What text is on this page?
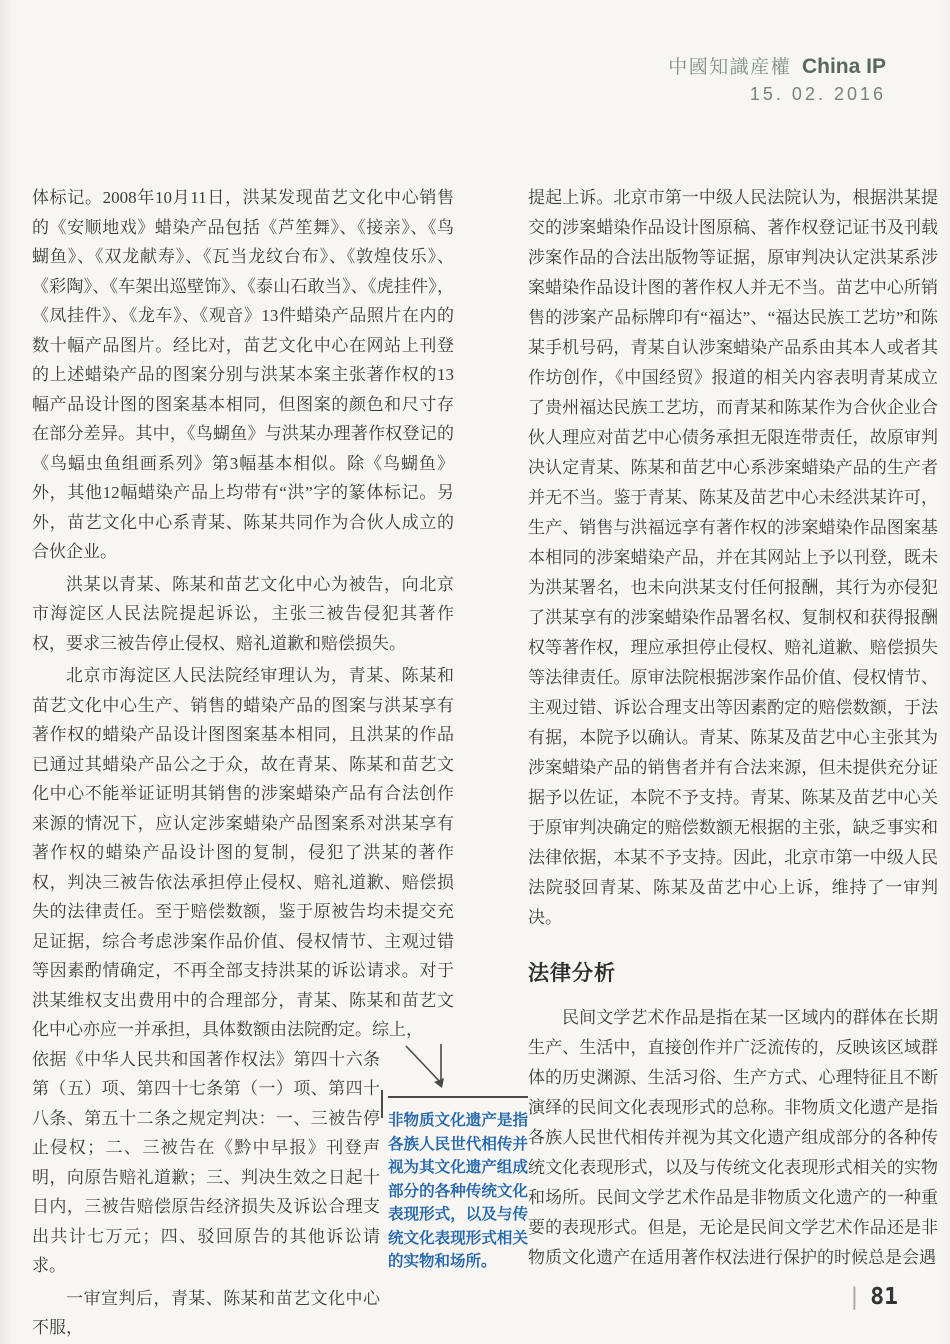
中國知識産權 China IP
15. 02. 2016

体标记。2008年10月11日，洪某发现苗艺文化中心销售的《安顺地戏》蜡染产品包括《芦笙舞》、《接亲》、《鸟蝴鱼》、《双龙献寿》、《瓦当龙纹台布》、《敦煌伎乐》、《彩陶》、《车架出巡壁饰》、《泰山石敢当》、《虎挂件》，《凤挂件》、《龙车》、《观音》13件蜡染产品照片在内的数十幅产品图片。经比对，苗艺文化中心在网站上刊登的上述蜡染产品的图案分别与洪某本案主张著作权的13幅产品设计图的图案基本相同，但图案的颜色和尺寸存在部分差异。其中，《鸟蝴鱼》与洪某办理著作权登记的《鸟蝠虫鱼组画系列》第3幅基本相似。除《鸟蝴鱼》外，其他12幅蜡染产品上均带有“洪”字的篆体标记。另外，苗艺文化中心系青某、陈某共同作为合伙人成立的合伙企业。

洪某以青某、陈某和苗艺文化中心为被告，向北京市海淀区人民法院提起诉讼，主张三被告侵犯其著作权，要求三被告停止侵权、赔礼道歉和赔偿损失。

北京市海淀区人民法院经审理认为，青某、陈某和苗艺文化中心生产、销售的蜡染产品的图案与洪某享有著作权的蜡染产品设计图图案基本相同，且洪某的作品已通过其蜡染产品公之于众，故在青某、陈某和苗艺文化中心不能举证证明其销售的涉案蜡染产品有合法创作来源的情况下，应认定涉案蜡染产品图案系对洪某享有著作权的蜡染产品设计图的复制，侵犯了洪某的著作权，判决三被告依法承担停止侵权、赔礼道歉、赔偿损失的法律责任。至于赔偿数额，鉴于原被告均未提交充足证据，综合考虑涉案作品价值、侵权情节、主观过错等因素酌情确定，不再全部支持洪某的诉讼请求。对于洪某维权支出费用中的合理部分，青某、陈某和苗艺文化中心亦应一并承担，具体数额由法院酌定。综上，

依据《中华人民共和国著作权法》第四十六条第（五）项、第四十七条第（一）项、第四十八条、第五十二条之规定判决：一、三被告停止侵权；二、三被告在《黔中早报》刊登声明，向原告赔礼道歉；三、判决生效之日起十日内，三被告赔偿原告经济损失及诉讼合理支出共计七万元；四、驳回原告的其他诉讼请求。

一审宣判后，青某、陈某和苗艺文化中心不服，

非物质文化遗产是指各族人民世代相传并视为其文化遗产组成部分的各种传统文化表现形式，以及与传统文化表现形式相关的实物和场所。

提起上诉。北京市第一中级人民法院认为，根据洪某提交的涉案蜡染作品设计图原稿、著作权登记证书及刊载涉案作品的合法出版物等证据，原审判决认定洪某系涉案蜡染作品设计图的著作权人并无不当。苗艺中心所销售的涉案产品标牌印有“福达”、“福达民族工艺坊”和陈某手机号码，青某自认涉案蜡染产品系由其本人或者其作坊创作，《中国经贸》报道的相关内容表明青某成立了贵州福达民族工艺坊，而青某和陈某作为合伙企业合伙人理应对苗艺中心债务承担无限连带责任，故原审判决认定青某、陈某和苗艺中心系涉案蜡染产品的生产者并无不当。鉴于青某、陈某及苗艺中心未经洪某许可，生产、销售与洪福远享有著作权的涉案蜡染作品图案基本相同的涉案蜡染产品，并在其网站上予以刊登，既未为洪某署名，也未向洪某支付任何报酬，其行为亦侵犯了洪某享有的涉案蜡染作品署名权、复制权和获得报酬权等著作权，理应承担停止侵权、赔礼道歉、赔偿损失等法律责任。原审法院根据涉案作品价值、侵权情节、主观过错、诉讼合理支出等因素酌定的赔偿数额，于法有据，本院予以确认。青某、陈某及苗艺中心主张其为涉案蜡染产品的销售者并有合法来源，但未提供充分证据予以佐证，本院不予支持。青某、陈某及苗艺中心关于原审判决确定的赔偿数额无根据的主张，缺乏事实和法律依据，本某不予支持。因此，北京市第一中级人民法院驳回青某、陈某及苗艺中心上诉，维持了一审判决。

法律分析

民间文学艺术作品是指在某一区域内的群体在长期生产、生活中，直接创作并广泛流传的，反映该区域群体的历史渊源、生活习俗、生产方式、心理特征且不断演绎的民间文化表现形式的总称。非物质文化遗产是指各族人民世代相传并视为其文化遗产组成部分的各种传统文化表现形式，以及与传统文化表现形式相关的实物和场所。民间文学艺术作品是非物质文化遗产的一种重要的表现形式。但是，无论是民间文学艺术作品还是非物质文化遗产在适用著作权法进行保护的时候总是会遇

| 81
